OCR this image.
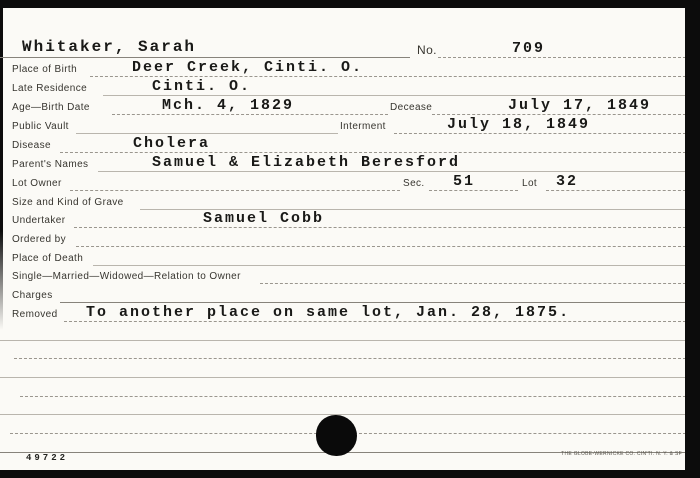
Whitaker, Sarah	No.	709
Place of Birth	Deer Creek, Cinti. O.
Late Residence	Cinti. O.
Age—Birth Date	Mch. 4, 1829	Decease	July 17, 1849
Public Vault	Interment	July 18, 1849
Disease	Cholera
Parent's Names	Samuel & Elizabeth Beresford
Lot Owner	Sec. 51	Lot 32
Size and Kind of Grave
Undertaker	Samuel Cobb
Ordered by
Place of Death
Single—Married—Widowed—Relation to Owner
Charges
Removed To another place on same lot, Jan. 28, 1875.
49722	THE GLOBE-WERNICKE CO. CIN'TI. N. Y. & SF
